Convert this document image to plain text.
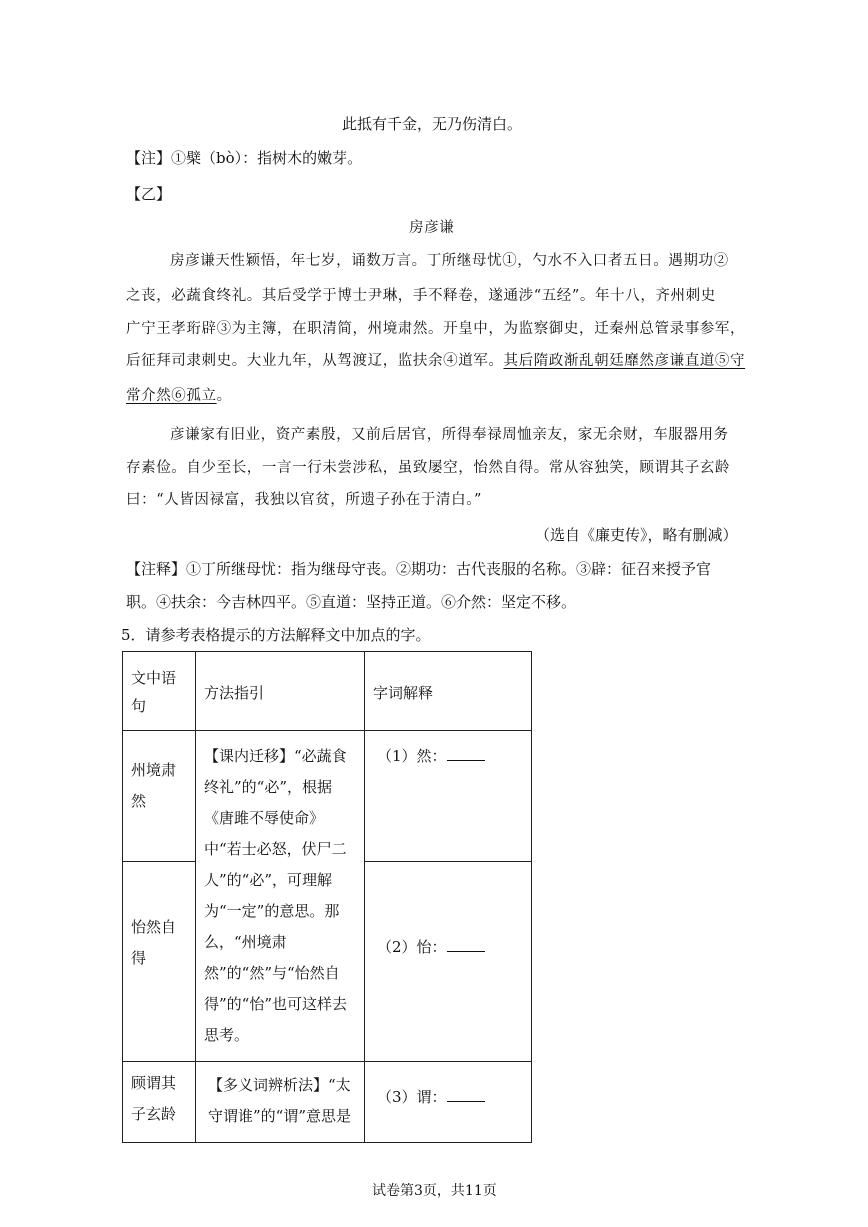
此抵有千金，无乃伤清白。
【注】①檗（bò）：指树木的嫩芽。
【乙】
房彦谦
房彦谦天性颖悟，年七岁，诵数万言。丁所继母忧①，勺水不入口者五日。遇期功②
之丧，必蔬食终礼。其后受学于博士尹琳，手不释卷，遂通涉“五经”。年十八，齐州刺史
广宁王孝珩辟③为主簿，在职清简，州境肃然。开皇中，为监察御史，迁秦州总管录事参军，
后征拜司隶刺史。大业九年，从驾渡辽，监扶余④道军。其后隋政渐乱朝廷靡然彦谦直道⑤守
常介然⑥孤立。
彦谦家有旧业，资产素殷，又前后居官，所得奉禄周恤亲友，家无余财，车服器用务
存素俭。自少至长，一言一行未尝涉私，虽致屡空，怡然自得。常从容独笑，顾谓其子玄龄
曰：“人皆因禄富，我独以官贫，所遗子孙在于清白。”
（选自《廉吏传》，略有删减）
【注释】①丁所继母忧：指为继母守丧。②期功：古代丧服的名称。③辟：征召来授予官
职。④扶余：今吉林四平。⑤直道：坚持正道。⑥介然：坚定不移。
5．请参考表格提示的方法解释文中加点的字。
文中语句	方法指引	字词解释

州境肃然	【课内迁移】“必蔬食终礼”的“必”，根据《唐雎不辱使命》中“若士必怒，伏尸二人”的“必”，可理解为“一定”的意思。那么，“州境肃然”的“然”与“怡然自得”的“怡”也可这样去思考。	（1）然：

怡然自得		（2）怡：

顾谓其子玄龄	【多义词辨析法】“太守谓谁”的“谓”意思是	（3）谓：
试卷第3页，共11页
